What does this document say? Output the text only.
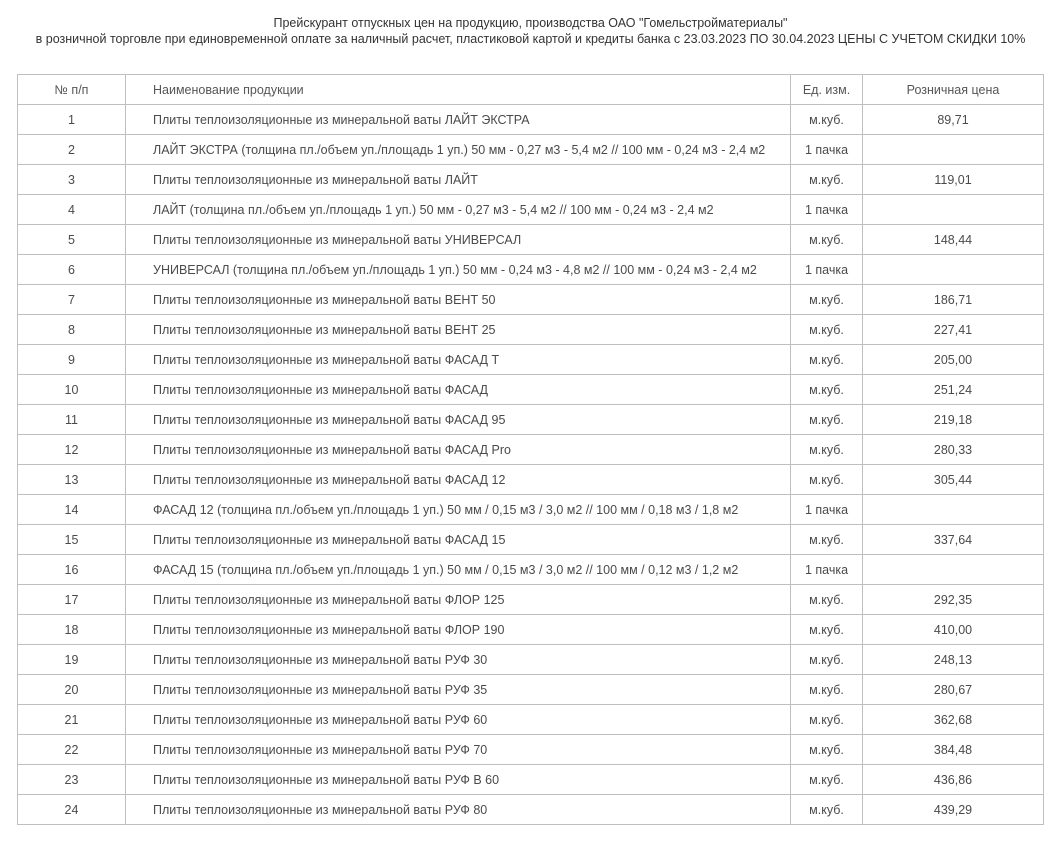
Прейскурант отпускных цен на продукцию, производства ОАО "Гомельстройматериалы"
в розничной торговле при единовременной оплате за наличный расчет, пластиковой картой и кредиты банка с 23.03.2023 ПО 30.04.2023 ЦЕНЫ С УЧЕТОМ СКИДКИ 10%
№ п/п	Наименование продукции	Ед. изм.	Розничная цена
1	Плиты теплоизоляционные из минеральной ваты ЛАЙТ ЭКСТРА	м.куб.	89,71
2	ЛАЙТ ЭКСТРА (толщина пл./объем уп./площадь 1 уп.) 50 мм - 0,27 м3 - 5,4 м2 // 100 мм - 0,24 м3 - 2,4 м2	1 пачка	
3	Плиты теплоизоляционные из минеральной ваты ЛАЙТ	м.куб.	119,01
4	ЛАЙТ (толщина пл./объем уп./площадь 1 уп.) 50 мм - 0,27 м3 - 5,4 м2 // 100 мм - 0,24 м3 - 2,4 м2	1 пачка	
5	Плиты теплоизоляционные из минеральной ваты УНИВЕРСАЛ	м.куб.	148,44
6	УНИВЕРСАЛ (толщина пл./объем уп./площадь 1 уп.) 50 мм - 0,24 м3 - 4,8 м2 // 100 мм - 0,24 м3 - 2,4 м2	1 пачка	
7	Плиты теплоизоляционные из минеральной ваты ВЕНТ 50	м.куб.	186,71
8	Плиты теплоизоляционные из минеральной ваты ВЕНТ 25	м.куб.	227,41
9	Плиты теплоизоляционные из минеральной ваты ФАСАД Т	м.куб.	205,00
10	Плиты теплоизоляционные из минеральной ваты ФАСАД	м.куб.	251,24
11	Плиты теплоизоляционные из минеральной ваты ФАСАД 95	м.куб.	219,18
12	Плиты теплоизоляционные из минеральной ваты ФАСАД Pro	м.куб.	280,33
13	Плиты теплоизоляционные из минеральной ваты ФАСАД 12	м.куб.	305,44
14	ФАСАД 12 (толщина пл./объем уп./площадь 1 уп.) 50 мм / 0,15 м3 / 3,0 м2 // 100 мм / 0,18 м3 / 1,8 м2	1 пачка	
15	Плиты теплоизоляционные из минеральной ваты ФАСАД 15	м.куб.	337,64
16	ФАСАД 15 (толщина пл./объем уп./площадь 1 уп.) 50 мм / 0,15 м3 / 3,0 м2 // 100 мм / 0,12 м3 / 1,2 м2	1 пачка	
17	Плиты теплоизоляционные из минеральной ваты ФЛОР 125	м.куб.	292,35
18	Плиты теплоизоляционные из минеральной ваты ФЛОР 190	м.куб.	410,00
19	Плиты теплоизоляционные из минеральной ваты РУФ 30	м.куб.	248,13
20	Плиты теплоизоляционные из минеральной ваты РУФ 35	м.куб.	280,67
21	Плиты теплоизоляционные из минеральной ваты РУФ 60	м.куб.	362,68
22	Плиты теплоизоляционные из минеральной ваты РУФ 70	м.куб.	384,48
23	Плиты теплоизоляционные из минеральной ваты РУФ В 60	м.куб.	436,86
24	Плиты теплоизоляционные из минеральной ваты РУФ 80	м.куб.	439,29
